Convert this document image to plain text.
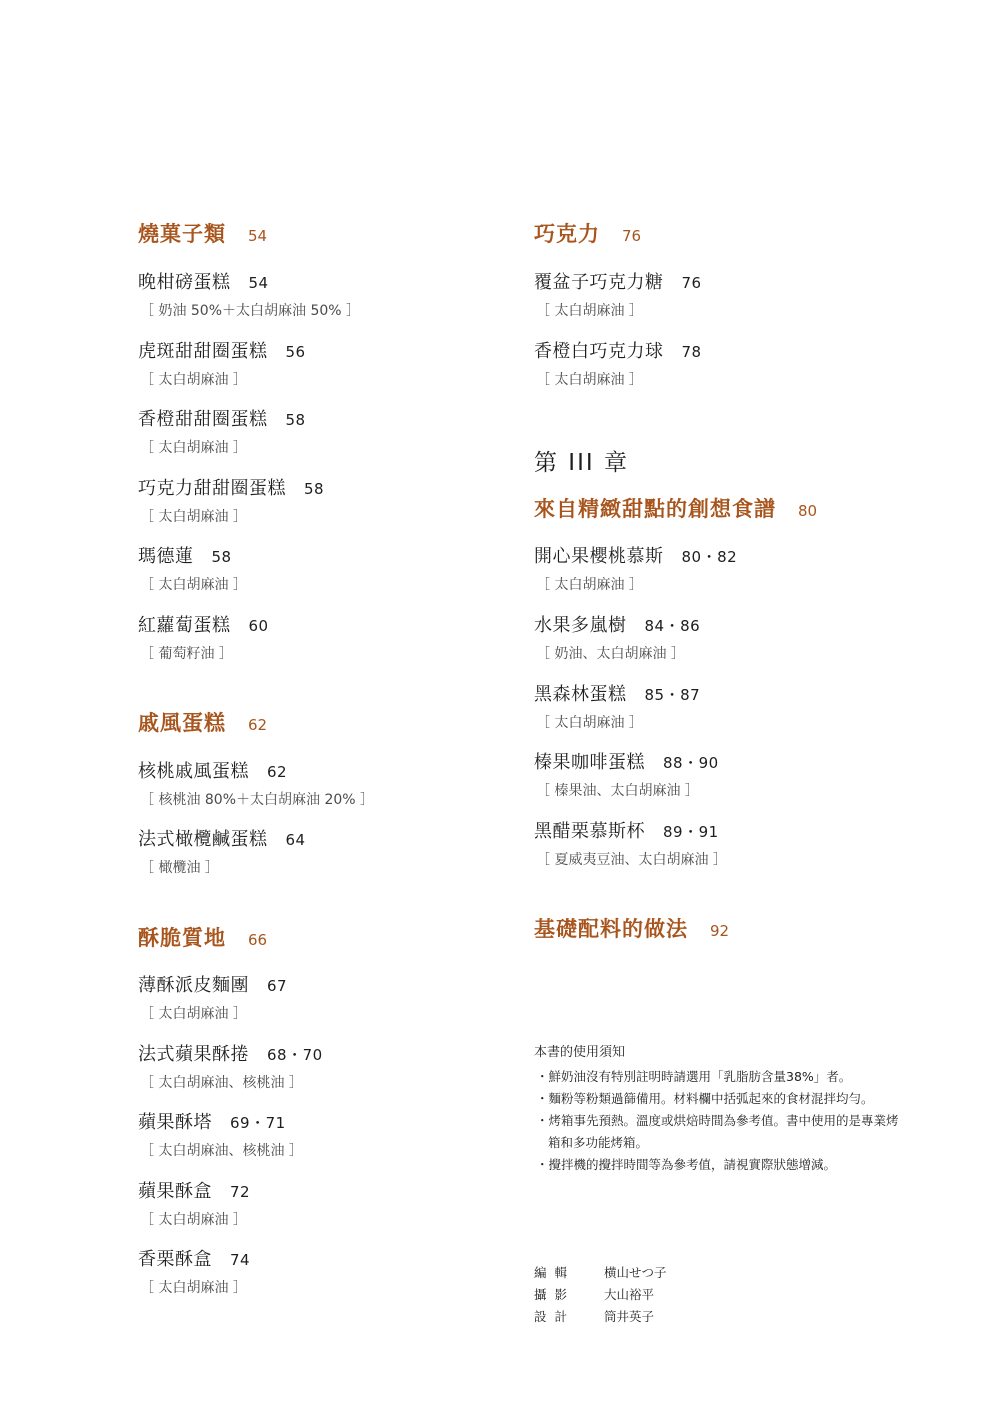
燒菓子類 54
晚柑磅蛋糕 54
［ 奶油 50%＋太白胡麻油 50% ］
虎斑甜甜圈蛋糕 56
［ 太白胡麻油 ］
香橙甜甜圈蛋糕 58
［ 太白胡麻油 ］
巧克力甜甜圈蛋糕 58
［ 太白胡麻油 ］
瑪德蓮 58
［ 太白胡麻油 ］
紅蘿蔔蛋糕 60
［ 葡萄籽油 ］
戚風蛋糕 62
核桃戚風蛋糕 62
［ 核桃油 80%＋太白胡麻油 20% ］
法式橄欖鹹蛋糕 64
［ 橄欖油 ］
酥脆質地 66
薄酥派皮麵團 67
［ 太白胡麻油 ］
法式蘋果酥捲 68・70
［ 太白胡麻油、核桃油 ］
蘋果酥塔 69・71
［ 太白胡麻油、核桃油 ］
蘋果酥盒 72
［ 太白胡麻油 ］
香栗酥盒 74
［ 太白胡麻油 ］
巧克力 76
覆盆子巧克力糖 76
［ 太白胡麻油 ］
香橙白巧克力球 78
［ 太白胡麻油 ］
第 III 章
來自精緻甜點的創想食譜 80
開心果櫻桃慕斯 80・82
［ 太白胡麻油 ］
水果多嵐樹 84・86
［ 奶油、太白胡麻油 ］
黑森林蛋糕 85・87
［ 太白胡麻油 ］
榛果咖啡蛋糕 88・90
［ 榛果油、太白胡麻油 ］
黑醋栗慕斯杯 89・91
［ 夏威夷豆油、太白胡麻油 ］
基礎配料的做法 92
本書的使用須知
・鮮奶油沒有特別註明時請選用「乳脂肪含量38%」者。
・麵粉等粉類過篩備用。材料欄中括弧起來的食材混拌均勻。
・烤箱事先預熱。溫度或烘焙時間為參考值。書中使用的是專業烤箱和多功能烤箱。
・攪拌機的攪拌時間等為參考值，請視實際狀態增減。
編輯 横山せつ子
攝影 大山裕平
設計 筒井英子
